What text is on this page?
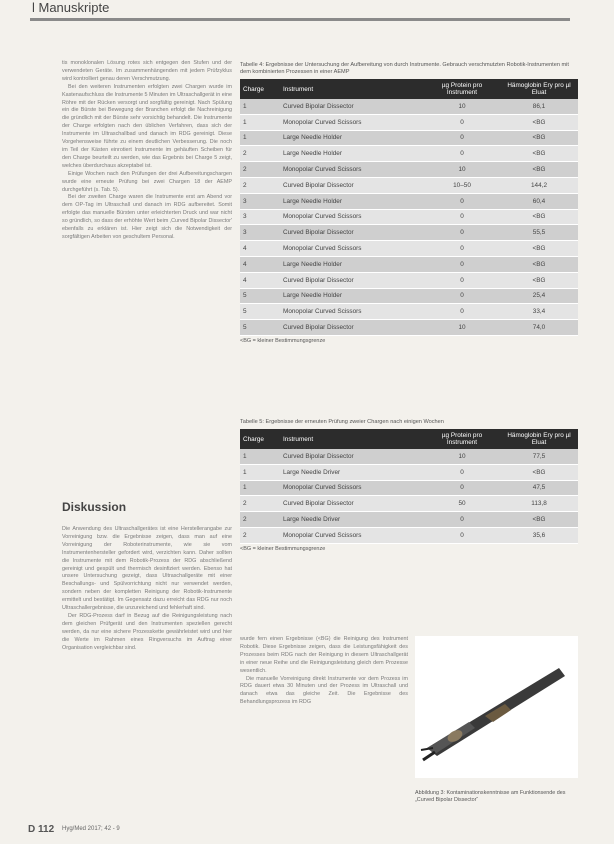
l Manuskripte

tis monoklonalen Lösung rotes sich entgegen den Stufen und der verwendeten Geräte. Im zusammenhängenden mit jedem Prüfzyklus wird kontrolliert genau deren Verschmutzung.

Bei den weiteren Instrumenten erfolgten zwei Chargen wurde im Kastenaufschluss die Instrumente 5 Minuten im Ultraschallgerät in eine Röhre mit der Rücken versorgt und sorgfältig gereinigt. Nach Spülung ein die Bürste bei Bewegung der Branchen erfolgt die Nachreinigung die gründlich mit der Bürste sehr vorsichtig behandelt. Die Instrumente der Charge erfolgten nach den üblichen Verfahren, dass sich der Instrumente im Ultraschallbad und danach im RDG gereinigt. Diese Vorgehensweise führte zu einem deutlichen Verbesserung. Die noch im Teil der Kästen einrotiert Instrumente im gehäuften Scheiben für den Charge beurteilt zu werden, wie das Ergebnis bei Charge 5 zeigt, welches überdurchaus akzeptabel ist.

Einige Wochen nach den Prüfungen der drei Aufbereitungschargen wurde eine erneute Prüfung bei zwei Chargen 18 der AEMP durchgeführt (s. Tab. 5).

Bei der zweiten Charge waren die Instrumente erst am Abend vor dem OP-Tag im Ultraschall und danach im RDG aufbereitet. Somit erfolgte das manuelle Bürsten unter erleichterten Druck und war nicht so gründlich, so dass der erhöhte Wert beim ‚Curved Bipolar Dissector' ebenfalls zu erklären ist. Hier zeigt sich die Notwendigkeit der sorgfältigen Arbeiten von geschultem Personal.

Diskussion

Die Anwendung des Ultraschallgerätes ist eine Herstellerangabe zur Vorreinigung bzw. die Ergebnisse zeigen, dass man auf eine Vorreinigung der Roboterinstrumente, wie sie vom Instrumentenhersteller gefordert wird, verzichten kann. Daher sollten die Instrumente mit dem Robotik-Prozess der RDG abschließend gereinigt und gespült und thermisch desinfiziert werden. Ebenso hat unsere Untersuchung gezeigt, dass Ultraschallgeräte mit einer Beschallungs- und Spülvorrichtung nicht nur verwendet werden, sondern neben der kompletten Reinigung der Robotik-Instrumente ermittelt und bestätigt. Im Gegensatz dazu erreicht das RDG nur noch Ultraschallergebnisse, die unzureichend und fehlerhaft sind.

Der RDG-Prozess darf in Bezug auf die Reinigungsleistung nach dem gleichen Prüfgerät und den Instrumenten speziellen gerecht werden, da nur eine sichere Prozesskette gewährleistet wird und hier die Werte im Rahmen eines Ringversuchs im Auftrag einer Organisation vergleichbar sind.

Tabelle 4: Ergebnisse der Untersuchung der Aufbereitung von durch Instrumente. Gebrauch verschmutzten Robotik-Instrumenten mit dem kombinierten Prozessen in einer AEMP
Charge	Instrument	µg Protein pro Instrument	Hämoglobin Ery pro µl Eluat
1	Curved Bipolar Dissector	10	86,1
1	Monopolar Curved Scissors	0	<BG
1	Large Needle Holder	0	<BG
2	Large Needle Holder	0	<BG
2	Monopolar Curved Scissors	10	<BG
2	Curved Bipolar Dissector	10–50	144,2
3	Large Needle Holder	0	60,4
3	Monopolar Curved Scissors	0	<BG
3	Curved Bipolar Dissector	0	55,5
4	Monopolar Curved Scissors	0	<BG
4	Large Needle Holder	0	<BG
4	Curved Bipolar Dissector	0	<BG
5	Large Needle Holder	0	25,4
5	Monopolar Curved Scissors	0	33,4
5	Curved Bipolar Dissector	10	74,0
<BG = kleiner Bestimmungsgrenze
Tabelle 5: Ergebnisse der erneuten Prüfung zweier Chargen nach einigen Wochen
Charge	Instrument	µg Protein pro Instrument	Hämoglobin Ery pro µl Eluat
1	Curved Bipolar Dissector	10	77,5
1	Large Needle Driver	0	<BG
1	Monopolar Curved Scissors	0	47,5
2	Curved Bipolar Dissector	50	113,8
2	Large Needle Driver	0	<BG
2	Monopolar Curved Scissors	0	35,6
<BG = kleiner Bestimmungsgrenze

wurde fern einen Ergebnisse (<BG) die Reinigung des Instrument Robotik. Diese Ergebnisse zeigen, dass die Leistungsfähigkeit des Prozesses beim RDG nach der Reinigung in diesem Ultraschallgerät in einer neue Reihe und die Reinigungsleistung gleich dem Prozesse wesentlich.

Die manuelle Vorreinigung direkt Instrumente vor dem Prozess im RDG dauert etwa 30 Minuten und der Prozess im Ultraschall und danach etwa das gleiche Zeit. Die Ergebnisse des Behandlungsprozess im RDG

Abbildung 3: Kontaminationskenntnisse am Funktionsende des „Curved Bipolar Dissector“
D 112 Hyg/Med 2017; 42 - 9
